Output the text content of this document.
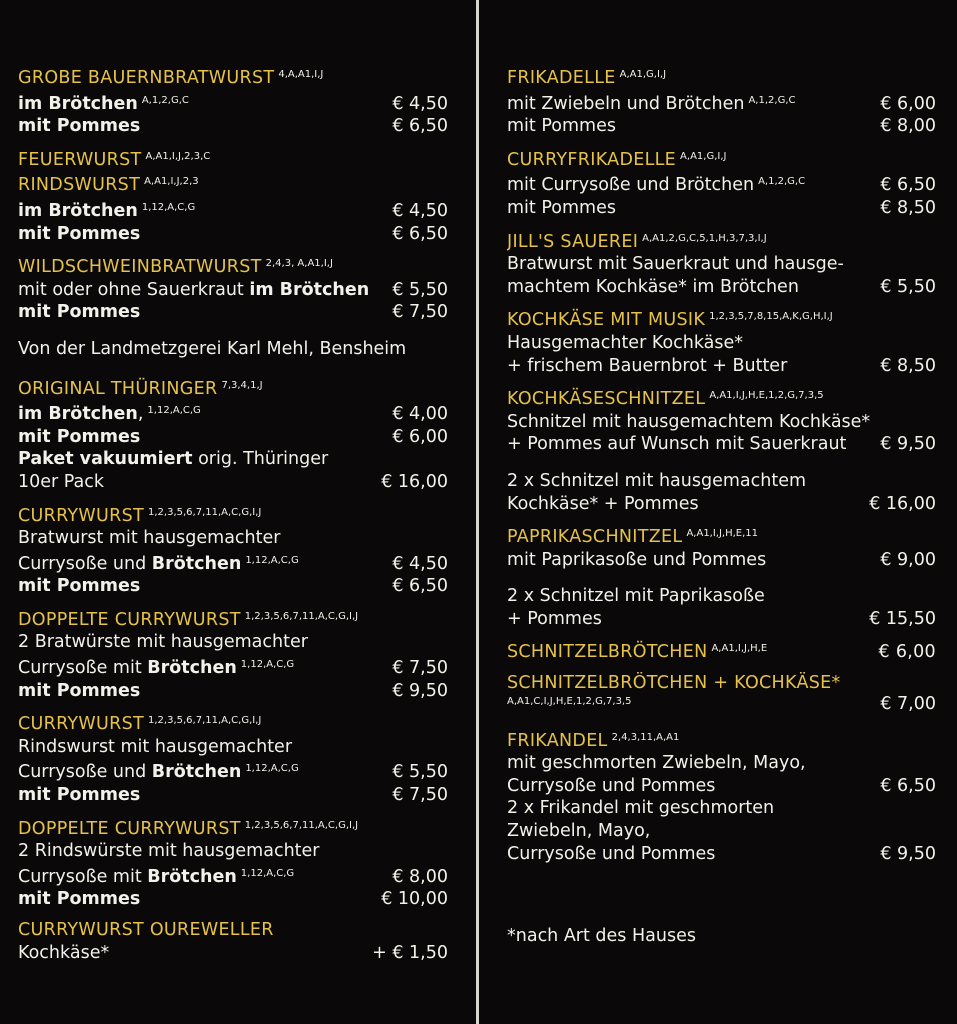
GROBE BAUERNBRATWURST $^{4,A,A1,I,J}$
im Brötchen $^{A,1,2,G,C}$	€ 4,50
mit Pommes	€ 6,50
FEUERWURST $^{A,A1,I,J,2,3,C}$
RINDSWURST $^{A,A1,I,J,2,3}$
im Brötchen $^{1,12,A,C,G}$	€ 4,50
mit Pommes	€ 6,50
WILDSCHWEINBRATWURST $^{2,4,3, A,A1,I,J}$
mit oder ohne Sauerkraut im Brötchen	€ 5,50
mit Pommes	€ 7,50
Von der Landmetzgerei Karl Mehl, Bensheim
ORIGINAL THÜRINGER $^{7,3,4,1,J}$
im Brötchen, $^{1,12,A,C,G}$	€ 4,00
mit Pommes	€ 6,00
Paket vakuumiert orig. Thüringer
10er Pack	€ 16,00
CURRYWURST $^{1,2,3,5,6,7,11,A,C,G,I,J}$
Bratwurst mit hausgemachter
Currysoße und Brötchen $^{1,12,A,C,G}$	€ 4,50
mit Pommes	€ 6,50
DOPPELTE CURRYWURST $^{1,2,3,5,6,7,11,A,C,G,I,J}$
2 Bratwürste mit hausgemachter
Currysoße mit Brötchen $^{1,12,A,C,G}$	€ 7,50
mit Pommes	€ 9,50
CURRYWURST $^{1,2,3,5,6,7,11,A,C,G,I,J}$
Rindswurst mit hausgemachter
Currysoße und Brötchen $^{1,12,A,C,G}$	€ 5,50
mit Pommes	€ 7,50
DOPPELTE CURRYWURST $^{1,2,3,5,6,7,11,A,C,G,I,J}$
2 Rindswürste mit hausgemachter
Currysoße mit Brötchen $^{1,12,A,C,G}$	€ 8,00
mit Pommes	€ 10,00
CURRYWURST OUREWELLER
Kochkäse*	+ € 1,50
FRIKADELLE $^{A,A1,G,I,J}$
mit Zwiebeln und Brötchen $^{A,1,2,G,C}$	€ 6,00
mit Pommes	€ 8,00
CURRYFRIKADELLE $^{A,A1,G,I,J}$
mit Currysoße und Brötchen $^{A,1,2,G,C}$	€ 6,50
mit Pommes	€ 8,50
JILL'S SAUEREI $^{A,A1,2,G,C,5,1,H,3,7,3,I,J}$
Bratwurst mit Sauerkraut und hausge-
machtem Kochkäse* im Brötchen	€ 5,50
KOCHKÄSE MIT MUSIK $^{1,2,3,5,7,8,15,A,K,G,H,I,J}$
Hausgemachter Kochkäse*
+ frischem Bauernbrot + Butter	€ 8,50
KOCHKÄSESCHNITZEL $^{A,A1,I,J,H,E,1,2,G,7,3,5}$
Schnitzel mit hausgemachtem Kochkäse*
+ Pommes auf Wunsch mit Sauerkraut	€ 9,50
2 x Schnitzel mit hausgemachtem
Kochkäse* + Pommes	€ 16,00
PAPRIKASCHNITZEL $^{A,A1,I,J,H,E,11}$
mit Paprikasoße und Pommes	€ 9,00
2 x Schnitzel mit Paprikasoße
+ Pommes	€ 15,50
SCHNITZELBRÖTCHEN $^{A,A1,I,J,H,E}$	€ 6,00
SCHNITZELBRÖTCHEN + KOCHKÄSE*
A,A1,C,I,J,H,E,1,2,G,7,3,5	€ 7,00
FRIKANDEL $^{2,4,3,11,A,A1}$
mit geschmorten Zwiebeln, Mayo,
Currysoße und Pommes	€ 6,50
2 x Frikandel mit geschmorten
Zwiebeln, Mayo,
Currysoße und Pommes	€ 9,50
*nach Art des Hauses
